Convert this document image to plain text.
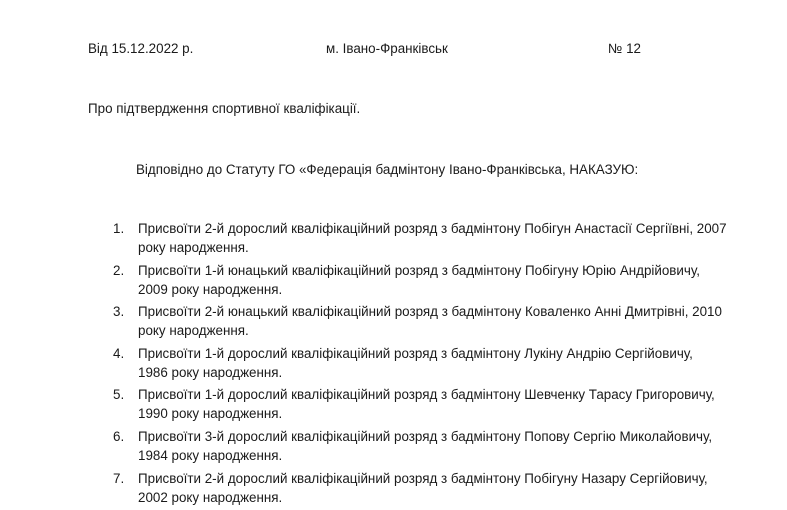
Від 15.12.2022 р.	м. Івано-Франківськ	№ 12
Про підтвердження спортивної кваліфікації.
Відповідно до Статуту ГО «Федерація бадмінтону Івано-Франківська, НАКАЗУЮ:
1. Присвоїти 2-й дорослий кваліфікаційний розряд з бадмінтону Побігун Анастасії Сергіївні, 2007
року народження.
2. Присвоїти 1-й юнацький кваліфікаційний розряд з бадмінтону Побігуну Юрію Андрійовичу,
2009 року народження.
3. Присвоїти 2-й юнацький кваліфікаційний розряд з бадмінтону Коваленко Анні Дмитрівні, 2010
року народження.
4. Присвоїти 1-й дорослий кваліфікаційний розряд з бадмінтону Лукіну Андрію Сергійовичу,
1986 року народження.
5. Присвоїти 1-й дорослий кваліфікаційний розряд з бадмінтону Шевченку Тарасу Григоровичу,
1990 року народження.
6. Присвоїти 3-й дорослий кваліфікаційний розряд з бадмінтону Попову Сергію Миколайовичу,
1984 року народження.
7. Присвоїти 2-й дорослий кваліфікаційний розряд з бадмінтону Побігуну Назару Сергійовичу,
2002 року народження.
